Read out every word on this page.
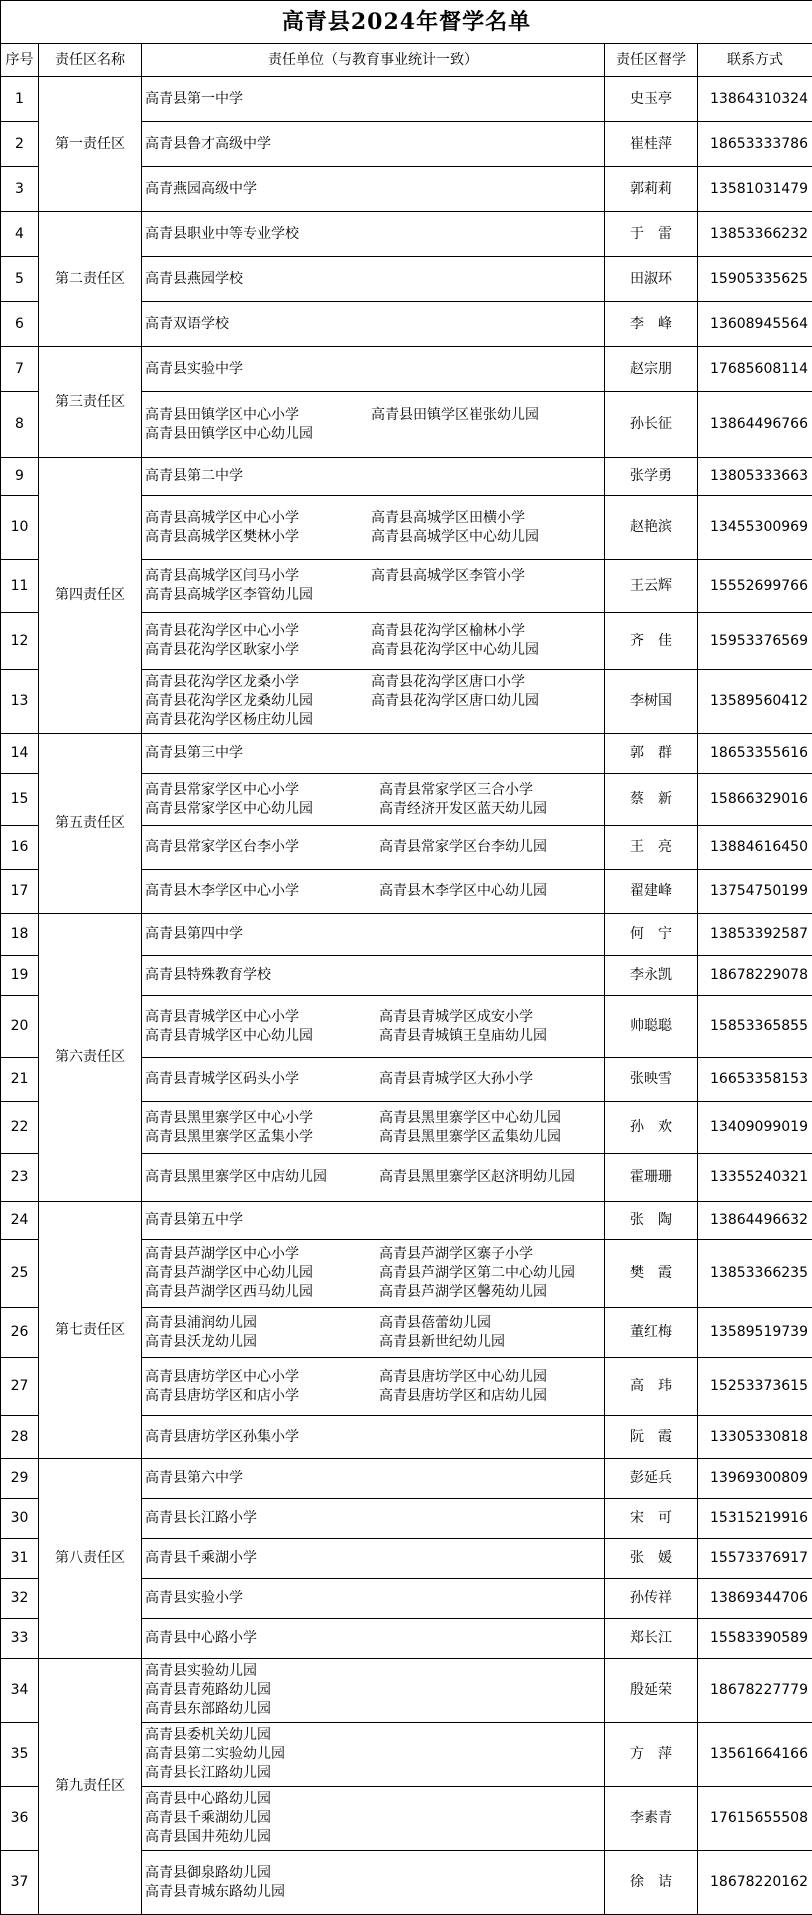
高青县2024年督学名单				
序号	责任区名称	责任单位（与教育事业统计一致）	责任区督学	联系方式
1	第一责任区	高青县第一中学	史玉亭	13864310324
2		高青县鲁才高级中学	崔桂萍	18653333786
3		高青燕园高级中学	郭莉莉	13581031479
4	第二责任区	高青县职业中等专业学校	于　雷	13853366232
5		高青县燕园学校	田淑环	15905335625
6		高青双语学校	李　峰	13608945564
7	第三责任区	高青县实验中学	赵宗朋	17685608114
8		高青县田镇学区中心小学 高青县田镇学区崔张幼儿园
高青县田镇学区中心幼儿园	孙长征	13864496766
9	第四责任区	高青县第二中学	张学勇	13805333663
10		高青县高城学区中心小学 高青县高城学区田横小学
高青县高城学区樊林小学 高青县高城学区中心幼儿园	赵艳滨	13455300969
11		高青县高城学区闫马小学 高青县高城学区李管小学
高青县高城学区李管幼儿园	王云辉	15552699766
12		高青县花沟学区中心小学 高青县花沟学区榆林小学
高青县花沟学区耿家小学 高青县花沟学区中心幼儿园	齐　佳	15953376569
13		高青县花沟学区龙桑小学 高青县花沟学区唐口小学
高青县花沟学区龙桑幼儿园 高青县花沟学区唐口幼儿园
高青县花沟学区杨庄幼儿园	李树国	13589560412
14	第五责任区	高青县第三中学	郭　群	18653355616
15		高青县常家学区中心小学 高青县常家学区三合小学
高青县常家学区中心幼儿园 高青经济开发区蓝天幼儿园	蔡　新	15866329016
16		高青县常家学区台李小学 高青县常家学区台李幼儿园	王　亮	13884616450
17		高青县木李学区中心小学 高青县木李学区中心幼儿园	翟建峰	13754750199
18	第六责任区	高青县第四中学	何　宁	13853392587
19		高青县特殊教育学校	李永凯	18678229078
20		高青县青城学区中心小学 高青县青城学区成安小学
高青县青城学区中心幼儿园 高青县青城镇王皇庙幼儿园	帅聪聪	15853365855
21		高青县青城学区码头小学 高青县青城学区大孙小学	张映雪	16653358153
22		高青县黑里寨学区中心小学 高青县黑里寨学区中心幼儿园
高青县黑里寨学区孟集小学 高青县黑里寨学区孟集幼儿园	孙　欢	13409099019
23		高青县黑里寨学区中店幼儿园 高青县黑里寨学区赵济明幼儿园	霍珊珊	13355240321
24	第七责任区	高青县第五中学	张　陶	13864496632
25		高青县芦湖学区中心小学 高青县芦湖学区寨子小学
高青县芦湖学区中心幼儿园 高青县芦湖学区第二中心幼儿园
高青县芦湖学区西马幼儿园 高青县芦湖学区馨苑幼儿园	樊　霞	13853366235
26		高青县浦润幼儿园 高青县蓓蕾幼儿园
高青县沃龙幼儿园 高青县新世纪幼儿园	董红梅	13589519739
27		高青县唐坊学区中心小学 高青县唐坊学区中心幼儿园
高青县唐坊学区和店小学 高青县唐坊学区和店幼儿园	高　玮	15253373615
28		高青县唐坊学区孙集小学	阮　霞	13305330818
29	第八责任区	高青县第六中学	彭延兵	13969300809
30		高青县长江路小学	宋　可	15315219916
31		高青县千乘湖小学	张　媛	15573376917
32		高青县实验小学	孙传祥	13869344706
33		高青县中心路小学	郑长江	15583390589
34	第九责任区	高青县实验幼儿园
高青县青苑路幼儿园
高青县东部路幼儿园	殷延荣	18678227779
35		高青县委机关幼儿园
高青县第二实验幼儿园
高青县长江路幼儿园	方　萍	13561664166
36		高青县中心路幼儿园
高青县千乘湖幼儿园
高青县国井苑幼儿园	李素青	17615655508
37		高青县御泉路幼儿园
高青县青城东路幼儿园	徐　诘	18678220162
